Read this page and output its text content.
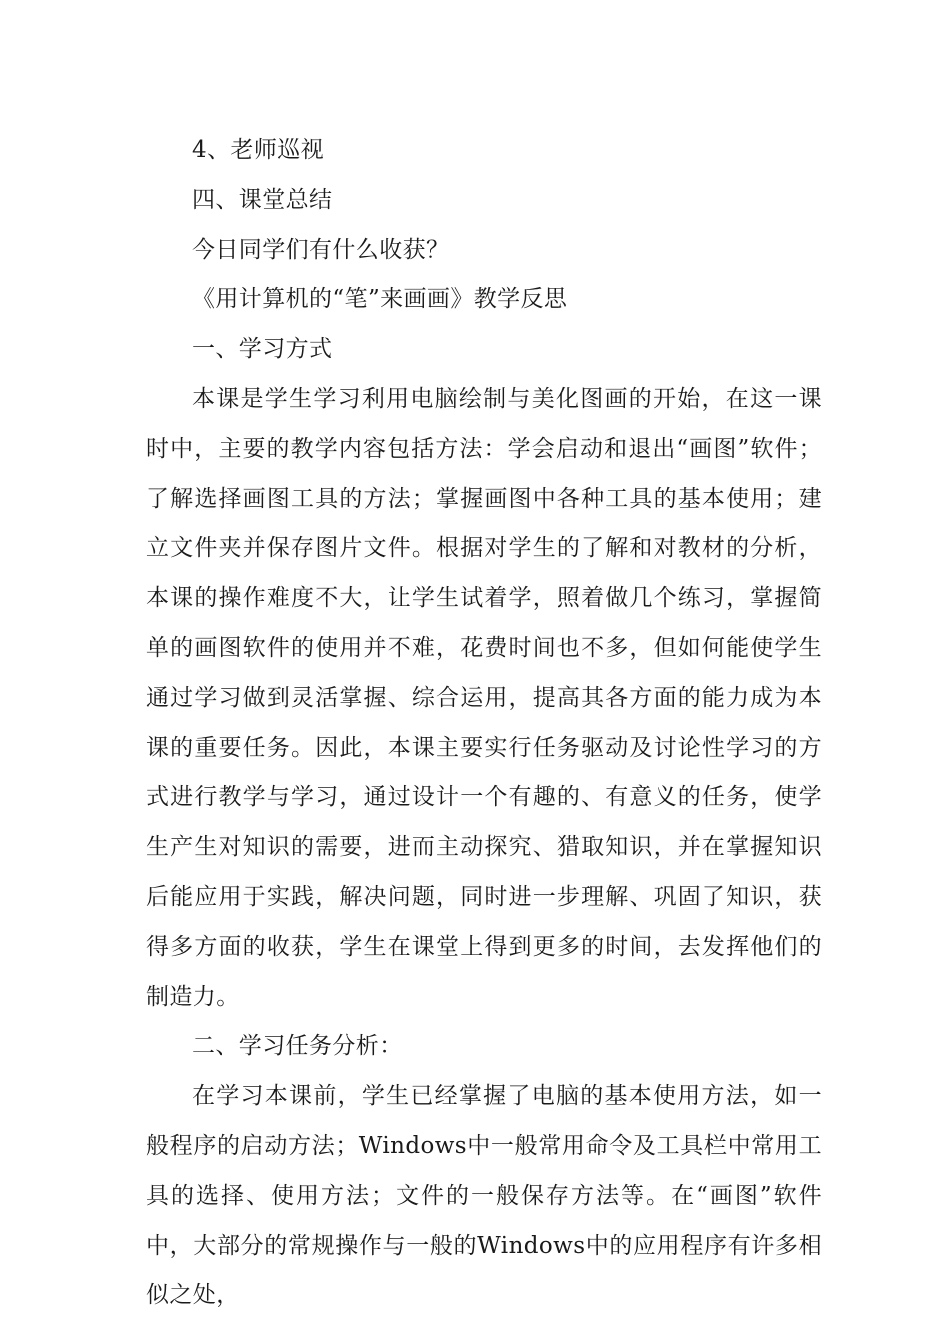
4、老师巡视

四、课堂总结

今日同学们有什么收获？

《用计算机的“笔”来画画》教学反思

一、学习方式

本课是学生学习利用电脑绘制与美化图画的开始，在这一课时中，主要的教学内容包括方法：学会启动和退出“画图”软件；了解选择画图工具的方法；掌握画图中各种工具的基本使用；建立文件夹并保存图片文件。根据对学生的了解和对教材的分析，本课的操作难度不大，让学生试着学，照着做几个练习，掌握简单的画图软件的使用并不难，花费时间也不多，但如何能使学生通过学习做到灵活掌握、综合运用，提高其各方面的能力成为本课的重要任务。因此，本课主要实行任务驱动及讨论性学习的方式进行教学与学习，通过设计一个有趣的、有意义的任务，使学生产生对知识的需要，进而主动探究、猎取知识，并在掌握知识后能应用于实践，解决问题，同时进一步理解、巩固了知识，获得多方面的收获，学生在课堂上得到更多的时间，去发挥他们的制造力。

二、学习任务分析：

在学习本课前，学生已经掌握了电脑的基本使用方法，如一般程序的启动方法；Windows中一般常用命令及工具栏中常用工具的选择、使用方法；文件的一般保存方法等。在“画图”软件中，大部分的常规操作与一般的Windows中的应用程序有许多相似之处，
